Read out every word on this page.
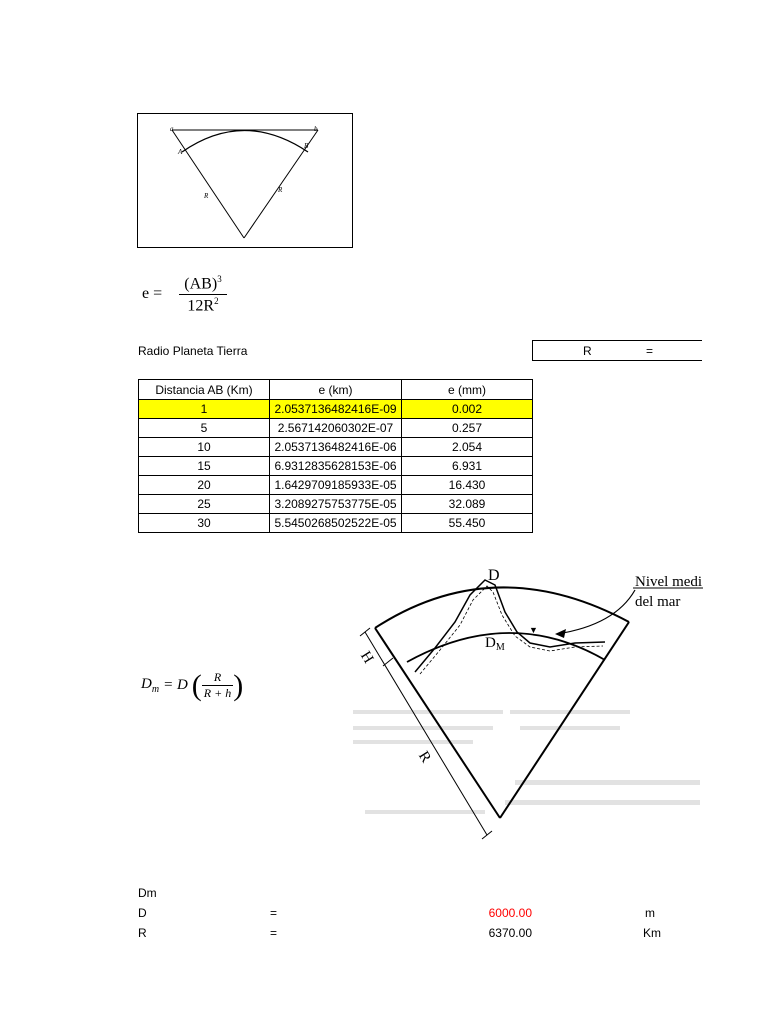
a	b
A
B
R
R
e =
(AB)$^3$
$12R^2$
Radio Planeta Tierra	R	=
Distancia AB (Km)	e (km)	e (mm)
1	2.0537136482416E-09	0.002
5	2.567142060302E-07	0.257
10	2.0537136482416E-06	2.054
15	6.9312835628153E-06	6.931
20	1.6429709185933E-05	16.430
25	3.2089275753775E-05	32.089
30	5.5450268502522E-05	55.450
H
R
D
$D_M$
Nivel medi
del mar
▼
$D_m = D$ ( $\frac{R}{R + h}$ )
Dm
D	=	6000.00	m
R	=	6370.00	Km
